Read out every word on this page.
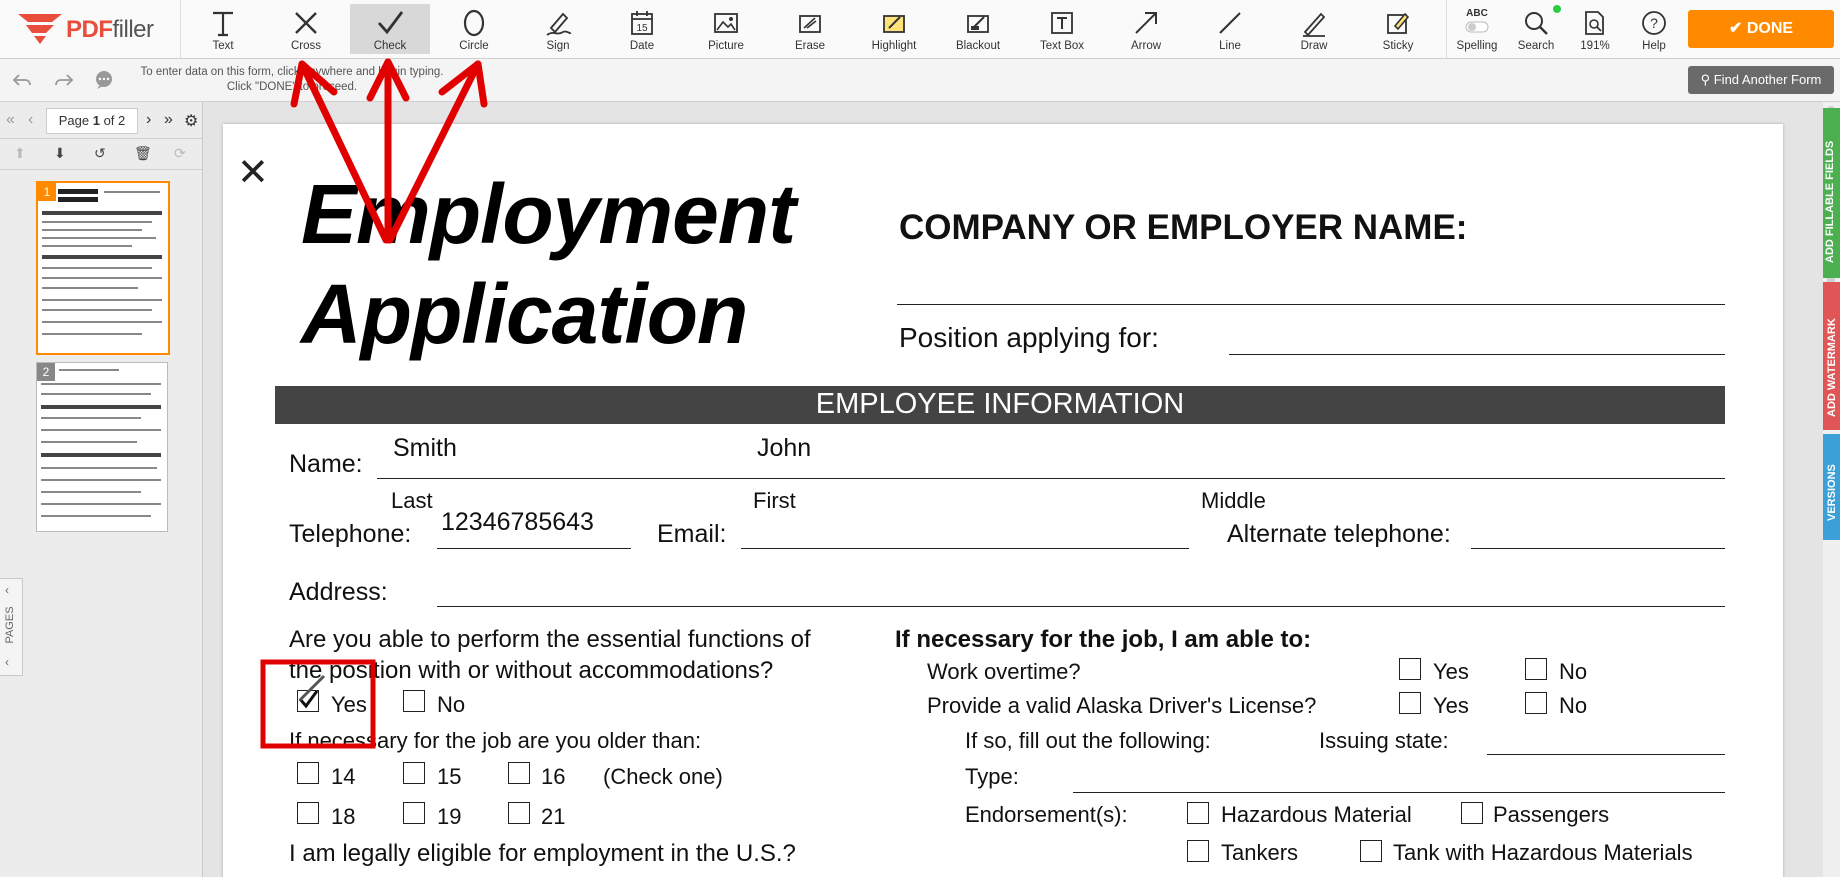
PDFfiller
Text	Cross	Check	Circle	Sign
15
Date	Picture	Erase	Highlight	Blackout	Text Box	Arrow	Line	Draw	Sticky
ABC
Spelling	Search	191%
?
Help
✔ DONE
To enter data on this form, click anywhere and begin typing.
Click "DONE" to proceed.	⚲ Find Another Form
« ‹	Page 1 of 2	› » ⚙
⬆ ⬇ ↺ 🗑 ⟳
1
2
‹
PAGES
‹
✕ Employment
Application
COMPANY OR EMPLOYER NAME:
Position applying for:
EMPLOYEE INFORMATION
Name:
Smith	John
Last	First	Middle
Telephone: 12346785643	Email:	Alternate telephone:
Address:
Are you able to perform the essential functions of
the position with or without accommodations?
Yes	No
If necessary for the job are you older than:
14	15	16 (Check one)
18	19	21
I am legally eligible for employment in the U.S.?
If necessary for the job, I am able to:
Work overtime?	Yes	No
Provide a valid Alaska Driver's License?	Yes	No
If so, fill out the following:	Issuing state:
Type:
Endorsement(s):	Hazardous Material	Passengers
Tankers	Tank with Hazardous Materials
ADD FILLABLE FIELDS
ADD WATERMARK
VERSIONS
